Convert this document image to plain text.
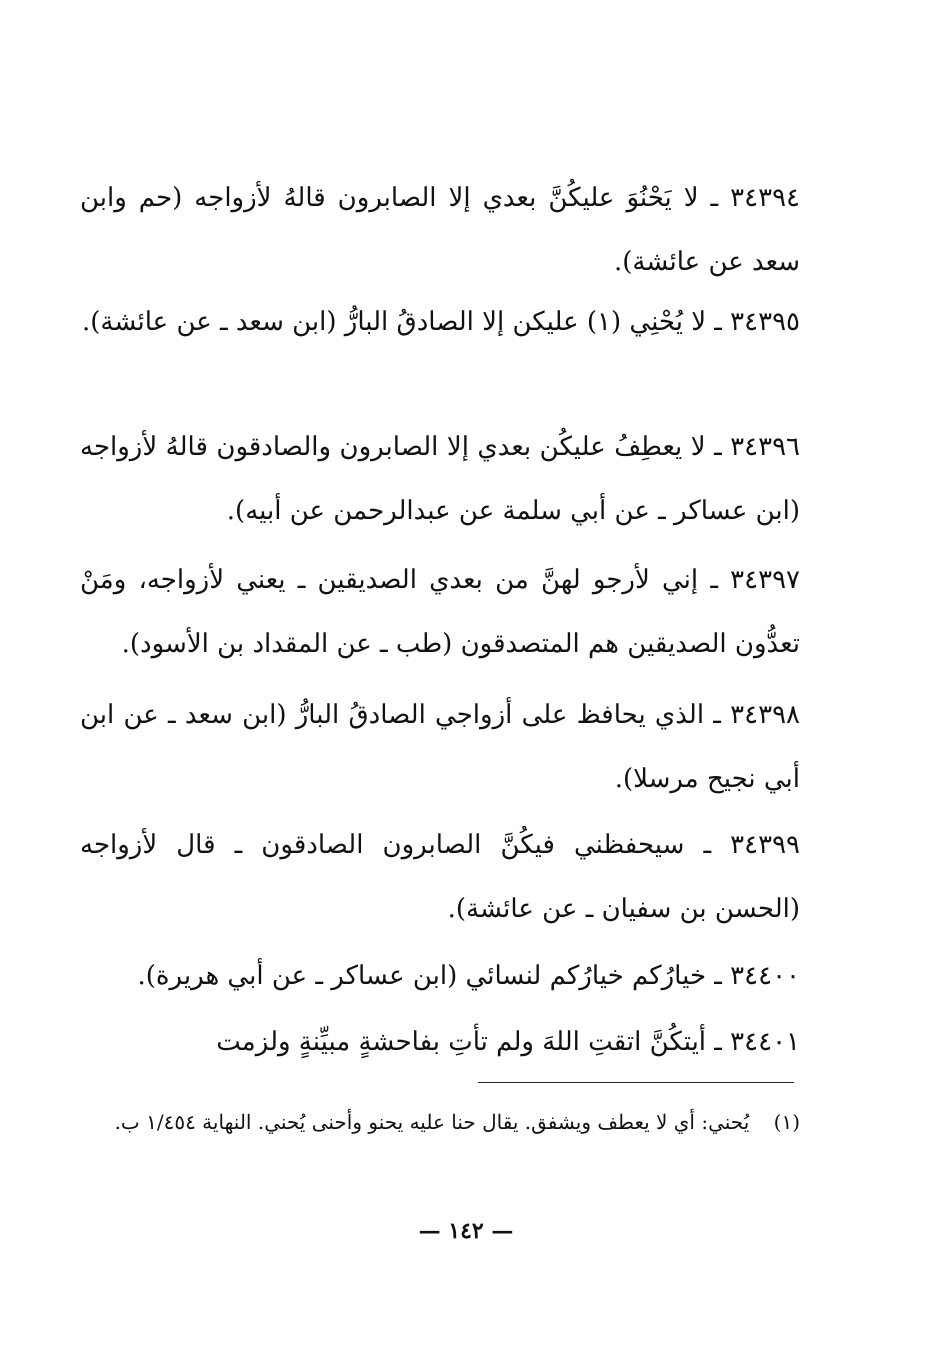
٣٤٣٩٤ ـ لا يَحْنُوَ عليكُنَّ بعدي إلا الصابرون قالهُ لأزواجه (حم وابن سعد عن عائشة).

٣٤٣٩٥ ـ لا يُحْنِي (١) عليكن إلا الصادقُ البارُّ (ابن سعد ـ عن عائشة).

٣٤٣٩٦ ـ لا يعطِفُ عليكُن بعدي إلا الصابرون والصادقون قالهُ لأزواجه (ابن عساكر ـ عن أبي سلمة عن عبدالرحمن عن أبيه).

٣٤٣٩٧ ـ إني لأرجو لهنَّ من بعدي الصديقين ـ يعني لأزواجه، ومَنْ تعدُّون الصديقين هم المتصدقون (طب ـ عن المقداد بن الأسود).

٣٤٣٩٨ ـ الذي يحافظ على أزواجي الصادقُ البارُّ (ابن سعد ـ عن ابن أبي نجيح مرسلا).

٣٤٣٩٩ ـ سيحفظني فيكُنَّ الصابرون الصادقون ـ قال لأزواجه (الحسن بن سفيان ـ عن عائشة).

٣٤٤٠٠ ـ خيارُكم خيارُكم لنسائي (ابن عساكر ـ عن أبي هريرة).

٣٤٤٠١ ـ أيتكُنَّ اتقتِ اللهَ ولم تأتِ بفاحشةٍ مبيِّنةٍ ولزمت

(١) يُحني: أي لا يعطف ويشفق. يقال حنا عليه يحنو وأحنى يُحني. النهاية ١/٤٥٤ ب.
— ١٤٢ —
